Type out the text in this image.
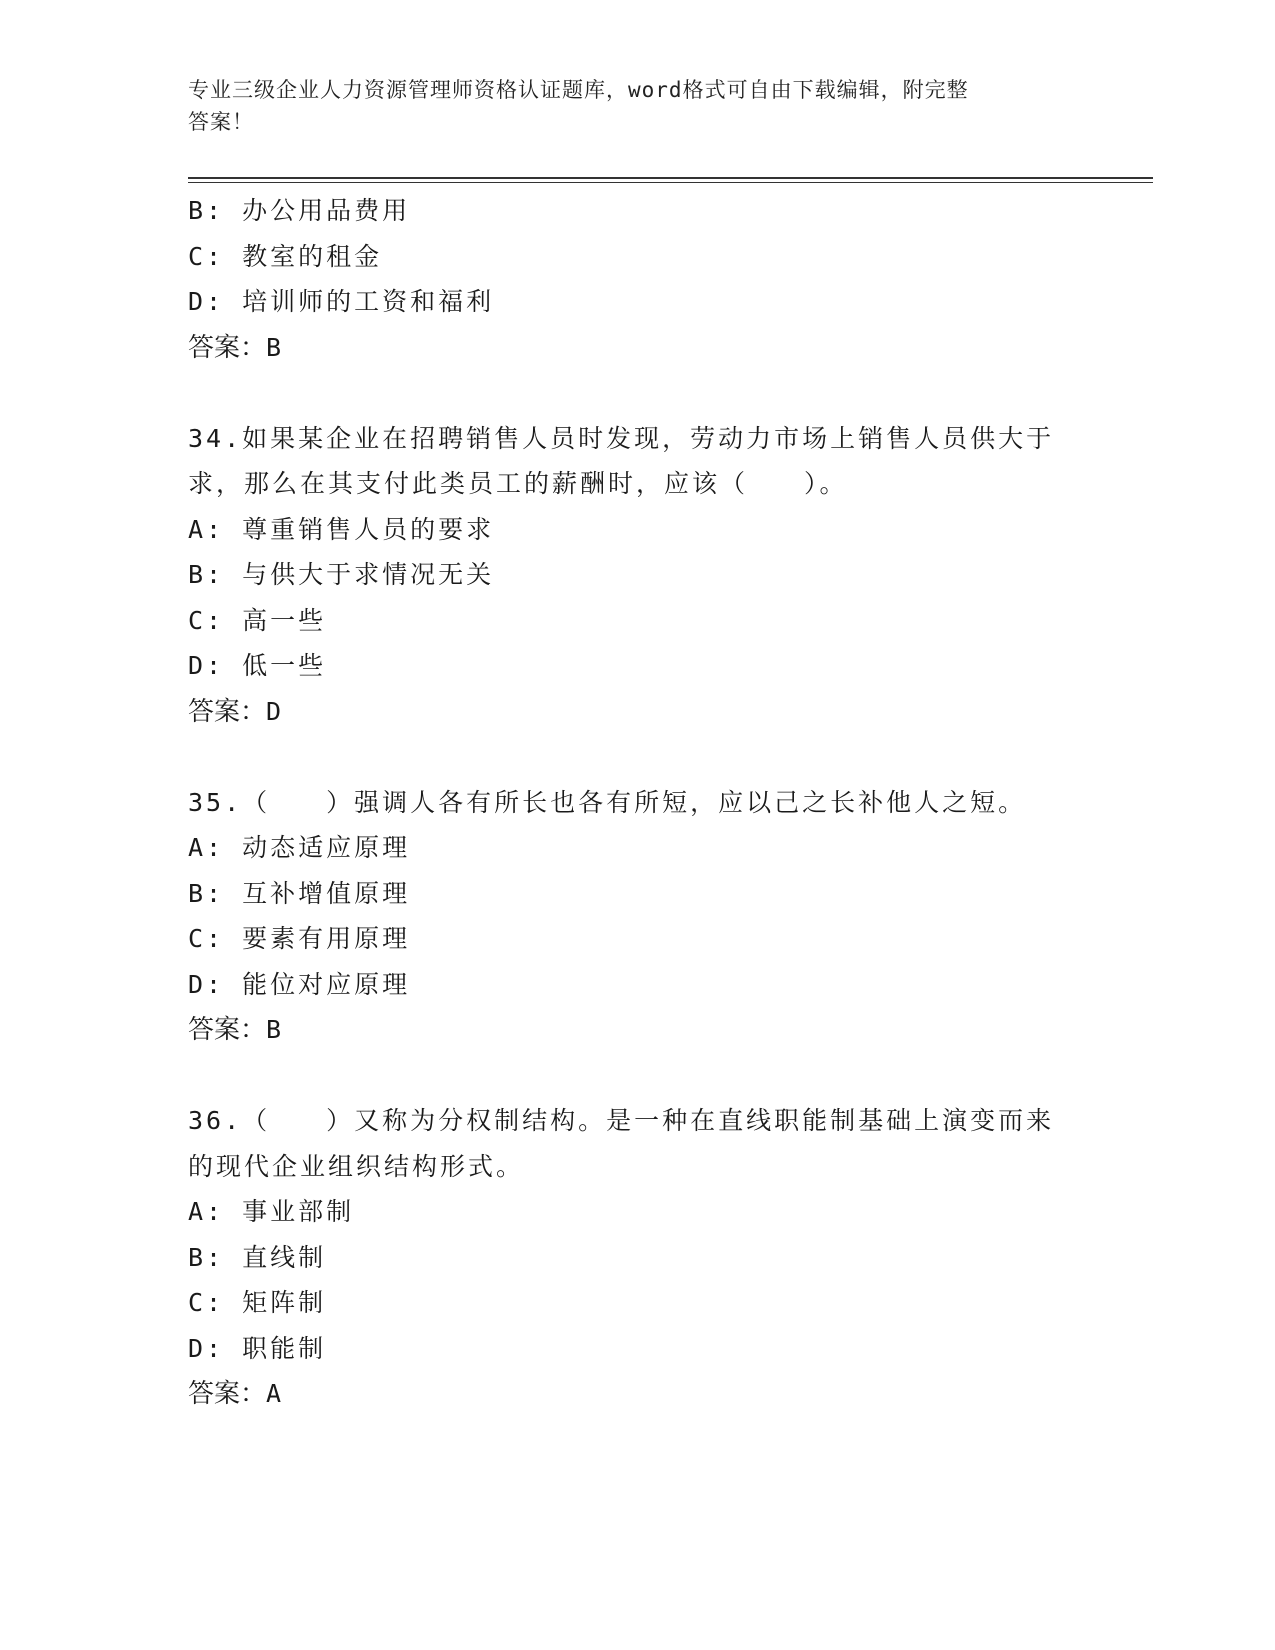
专业三级企业人力资源管理师资格认证题库，word格式可自由下载编辑，附完整
答案！
B: 办公用品费用
C: 教室的租金
D: 培训师的工资和福利
答案：B
34.如果某企业在招聘销售人员时发现，劳动力市场上销售人员供大于
求，那么在其支付此类员工的薪酬时，应该（　　）。
A: 尊重销售人员的要求
B: 与供大于求情况无关
C: 高一些
D: 低一些
答案：D
35.（　　）强调人各有所长也各有所短，应以己之长补他人之短。
A: 动态适应原理
B: 互补增值原理
C: 要素有用原理
D: 能位对应原理
答案：B
36.（　　）又称为分权制结构。是一种在直线职能制基础上演变而来
的现代企业组织结构形式。
A: 事业部制
B: 直线制
C: 矩阵制
D: 职能制
答案：A
